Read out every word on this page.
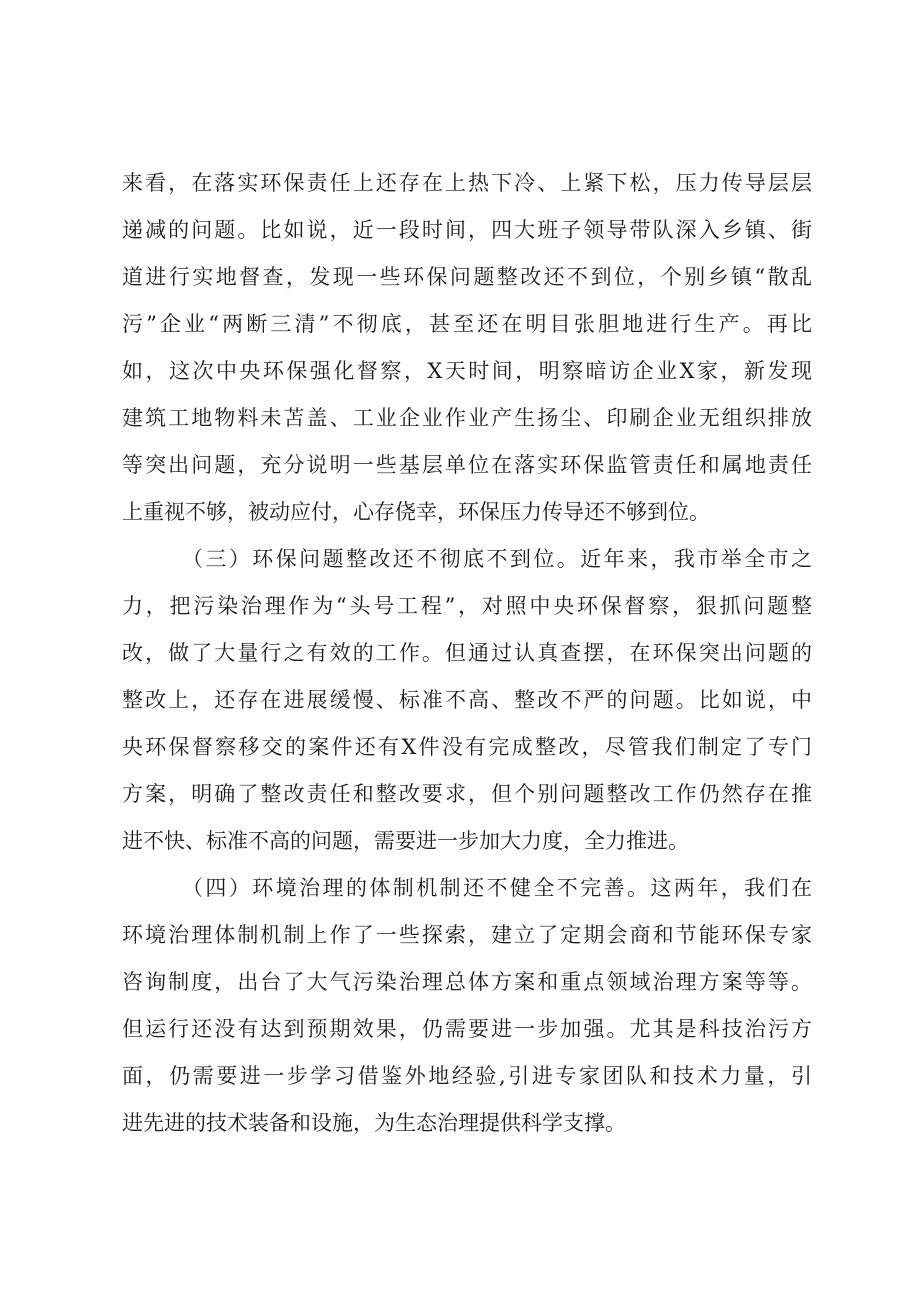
来看，在落实环保责任上还存在上热下冷、上紧下松，压力传导层层
递减的问题。比如说，近一段时间，四大班子领导带队深入乡镇、街
道进行实地督查，发现一些环保问题整改还不到位，个别乡镇“散乱
污”企业“两断三清”不彻底，甚至还在明目张胆地进行生产。再比
如，这次中央环保强化督察，X天时间，明察暗访企业X家，新发现
建筑工地物料未苫盖、工业企业作业产生扬尘、印刷企业无组织排放
等突出问题，充分说明一些基层单位在落实环保监管责任和属地责任
上重视不够，被动应付，心存侥幸，环保压力传导还不够到位。
（三）环保问题整改还不彻底不到位。近年来，我市举全市之
力，把污染治理作为“头号工程”，对照中央环保督察，狠抓问题整
改，做了大量行之有效的工作。但通过认真查摆，在环保突出问题的
整改上，还存在进展缓慢、标准不高、整改不严的问题。比如说，中
央环保督察移交的案件还有X件没有完成整改，尽管我们制定了专门
方案，明确了整改责任和整改要求，但个别问题整改工作仍然存在推
进不快、标准不高的问题，需要进一步加大力度，全力推进。
（四）环境治理的体制机制还不健全不完善。这两年，我们在
环境治理体制机制上作了一些探索，建立了定期会商和节能环保专家
咨询制度，出台了大气污染治理总体方案和重点领域治理方案等等。
但运行还没有达到预期效果，仍需要进一步加强。尤其是科技治污方
面，仍需要进一步学习借鉴外地经验,引进专家团队和技术力量，引
进先进的技术装备和设施，为生态治理提供科学支撑。
